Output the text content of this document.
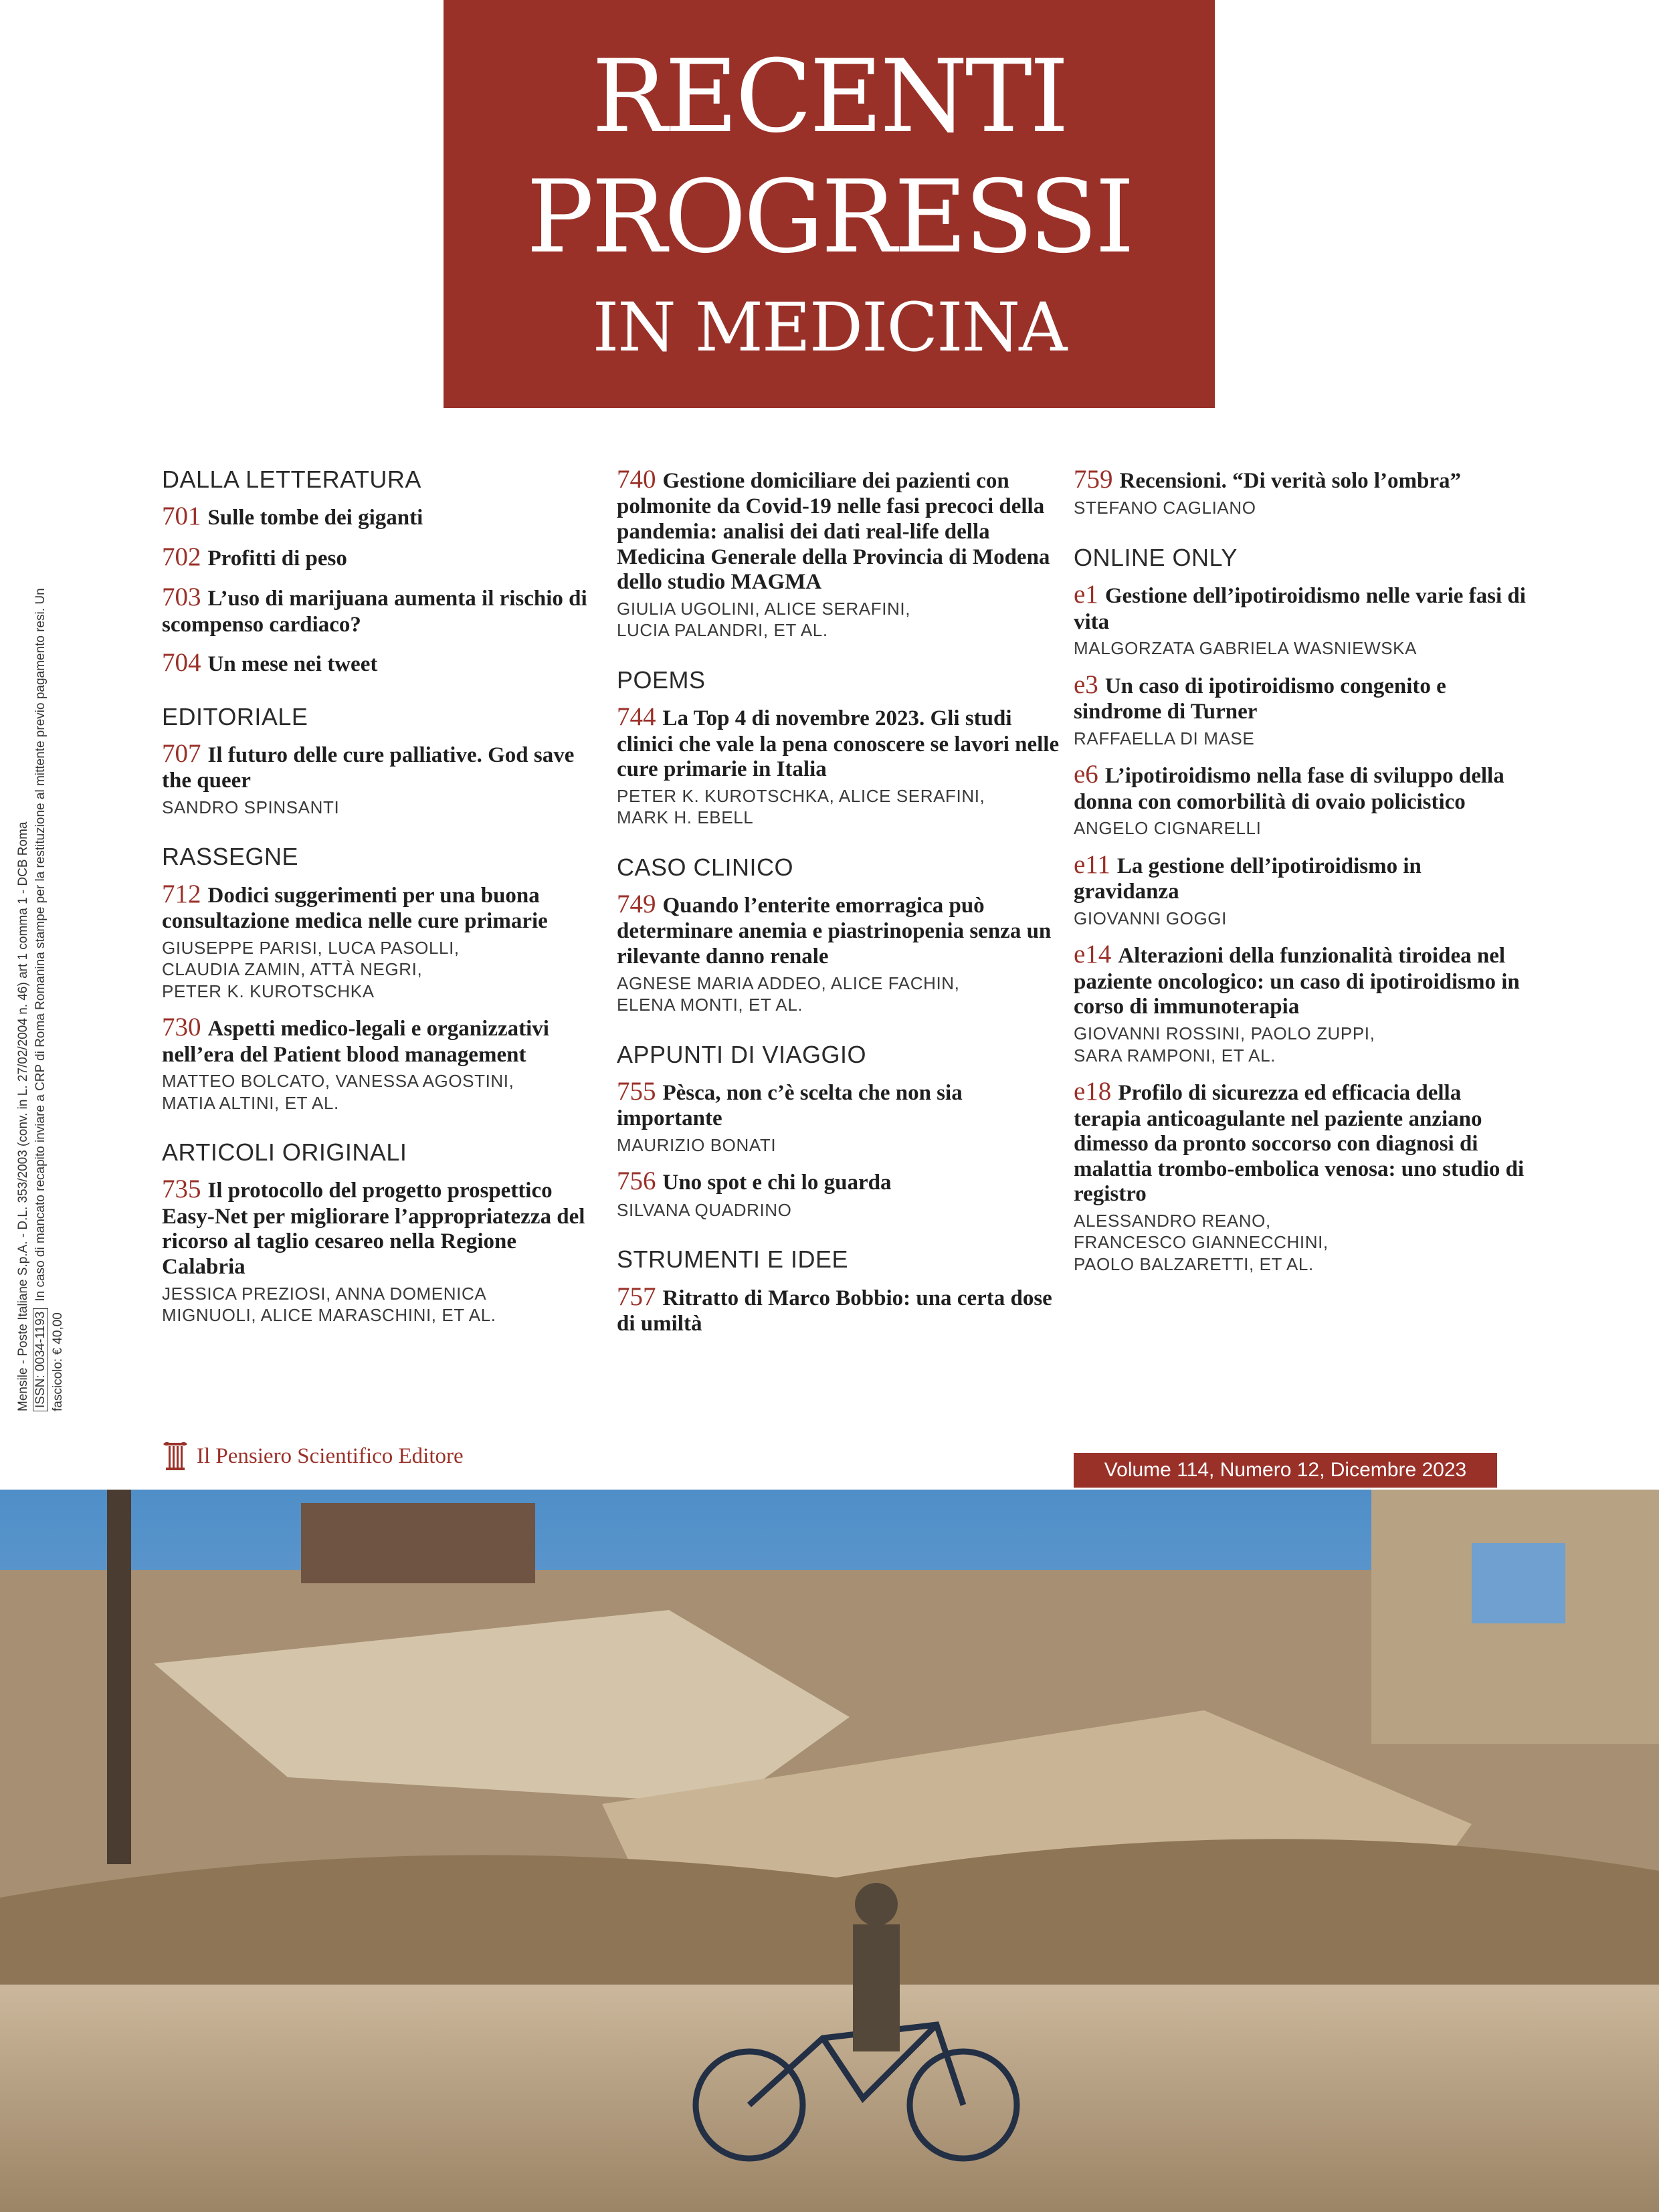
RECENTI
PROGRESSI
IN MEDICINA
Mensile - Poste Italiane S.p.A. - D.L. 353/2003 (conv. in L. 27/02/2004 n. 46) art 1 comma 1 - DCB Roma ISSN: 0034-1193In caso di mancato recapito inviare a CRP di Roma Romanina stampe per la restituzione al mittente previo pagamento resi. Un fascicolo: € 40,00
DALLA LETTERATURA
701 Sulle tombe dei giganti
702 Profitti di peso
703 L’uso di marijuana aumenta il rischio di scompenso cardiaco?
704 Un mese nei tweet
EDITORIALE
707 Il futuro delle cure palliative. God save the queer
SANDRO SPINSANTI
RASSEGNE
712 Dodici suggerimenti per una buona consultazione medica nelle cure primarie
GIUSEPPE PARISI, LUCA PASOLLI,
CLAUDIA ZAMIN, ATTÀ NEGRI,
PETER K. KUROTSCHKA
730 Aspetti medico-legali e organizzativi nell’era del Patient blood management
MATTEO BOLCATO, VANESSA AGOSTINI,
MATIA ALTINI, ET AL.
ARTICOLI ORIGINALI
735 Il protocollo del progetto prospettico Easy-Net per migliorare l’appropriatezza del ricorso al taglio cesareo nella Regione Calabria
JESSICA PREZIOSI, ANNA DOMENICA
MIGNUOLI, ALICE MARASCHINI, ET AL.
740 Gestione domiciliare dei pazienti con polmonite da Covid-19 nelle fasi precoci della pandemia: analisi dei dati real-life della Medicina Generale della Provincia di Modena dello studio MAGMA
GIULIA UGOLINI, ALICE SERAFINI,
LUCIA PALANDRI, ET AL.
POEMS
744 La Top 4 di novembre 2023. Gli studi clinici che vale la pena conoscere se lavori nelle cure primarie in Italia
PETER K. KUROTSCHKA, ALICE SERAFINI,
MARK H. EBELL
CASO CLINICO
749 Quando l’enterite emorragica può determinare anemia e piastrinopenia senza un rilevante danno renale
AGNESE MARIA ADDEO, ALICE FACHIN,
ELENA MONTI, ET AL.
APPUNTI DI VIAGGIO
755 Pèsca, non c’è scelta che non sia importante
MAURIZIO BONATI
756 Uno spot e chi lo guarda
SILVANA QUADRINO
STRUMENTI E IDEE
757 Ritratto di Marco Bobbio: una certa dose di umiltà
759 Recensioni. “Di verità solo l’ombra”
STEFANO CAGLIANO
ONLINE ONLY
e1 Gestione dell’ipotiroidismo nelle varie fasi di vita
MALGORZATA GABRIELA WASNIEWSKA
e3 Un caso di ipotiroidismo congenito e sindrome di Turner
RAFFAELLA DI MASE
e6 L’ipotiroidismo nella fase di sviluppo della donna con comorbilità di ovaio policistico
ANGELO CIGNARELLI
e11 La gestione dell’ipotiroidismo in gravidanza
GIOVANNI GOGGI
e14 Alterazioni della funzionalità tiroidea nel paziente oncologico: un caso di ipotiroidismo in corso di immunoterapia
GIOVANNI ROSSINI, PAOLO ZUPPI,
SARA RAMPONI, ET AL.
e18 Profilo di sicurezza ed efficacia della terapia anticoagulante nel paziente anziano dimesso da pronto soccorso con diagnosi di malattia trombo-embolica venosa: uno studio di registro
ALESSANDRO REANO,
FRANCESCO GIANNECCHINI,
PAOLO BALZARETTI, ET AL.
Il Pensiero Scientifico Editore
Volume 114, Numero 12, Dicembre 2023
